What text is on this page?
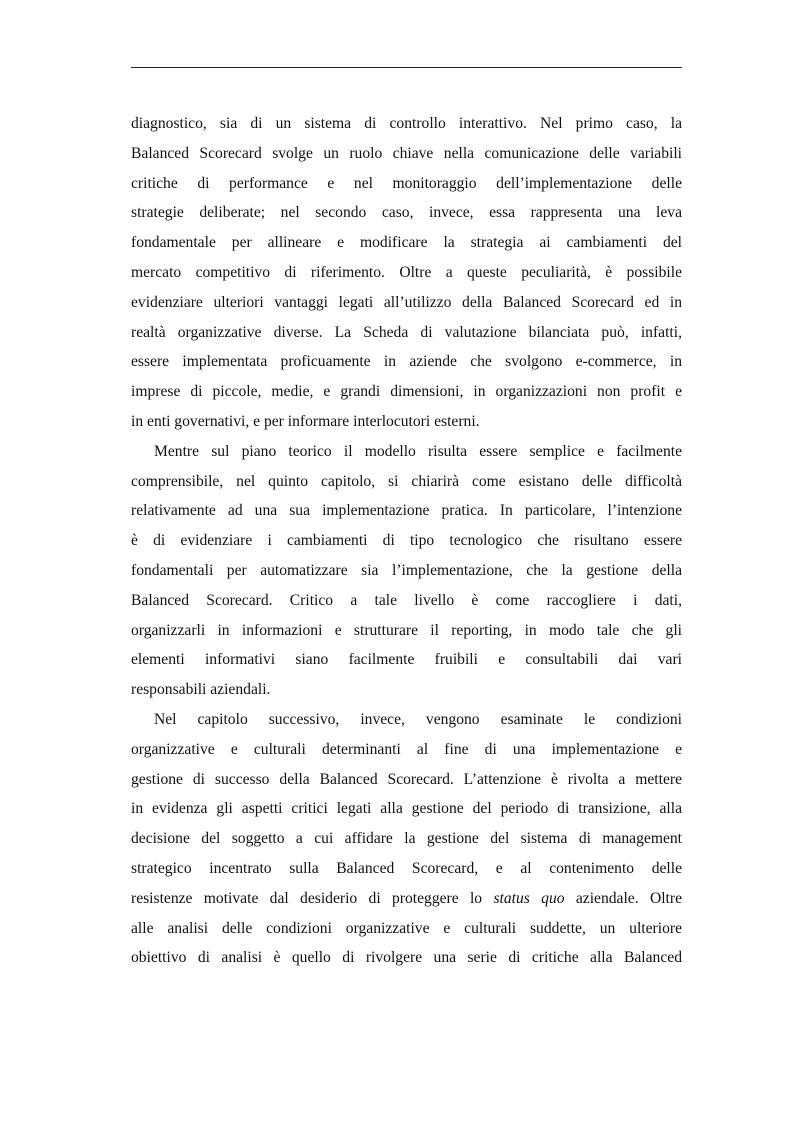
diagnostico, sia di un sistema di controllo interattivo. Nel primo caso, la
Balanced Scorecard svolge un ruolo chiave nella comunicazione delle variabili
critiche di performance e nel monitoraggio dell’implementazione delle
strategie deliberate; nel secondo caso, invece, essa rappresenta una leva
fondamentale per allineare e modificare la strategia ai cambiamenti del
mercato competitivo di riferimento. Oltre a queste peculiarità, è possibile
evidenziare ulteriori vantaggi legati all’utilizzo della Balanced Scorecard ed in
realtà organizzative diverse. La Scheda di valutazione bilanciata può, infatti,
essere implementata proficuamente in aziende che svolgono e-commerce, in
imprese di piccole, medie, e grandi dimensioni, in organizzazioni non profit e
in enti governativi, e per informare interlocutori esterni.
Mentre sul piano teorico il modello risulta essere semplice e facilmente
comprensibile, nel quinto capitolo, si chiarirà come esistano delle difficoltà
relativamente ad una sua implementazione pratica. In particolare, l’intenzione
è di evidenziare i cambiamenti di tipo tecnologico che risultano essere
fondamentali per automatizzare sia l’implementazione, che la gestione della
Balanced Scorecard. Critico a tale livello è come raccogliere i dati,
organizzarli in informazioni e strutturare il reporting, in modo tale che gli
elementi informativi siano facilmente fruibili e consultabili dai vari
responsabili aziendali.
Nel capitolo successivo, invece, vengono esaminate le condizioni
organizzative e culturali determinanti al fine di una implementazione e
gestione di successo della Balanced Scorecard. L’attenzione è rivolta a mettere
in evidenza gli aspetti critici legati alla gestione del periodo di transizione, alla
decisione del soggetto a cui affidare la gestione del sistema di management
strategico incentrato sulla Balanced Scorecard, e al contenimento delle
resistenze motivate dal desiderio di proteggere lo status quo aziendale. Oltre
alle analisi delle condizioni organizzative e culturali suddette, un ulteriore
obiettivo di analisi è quello di rivolgere una serie di critiche alla Balanced
